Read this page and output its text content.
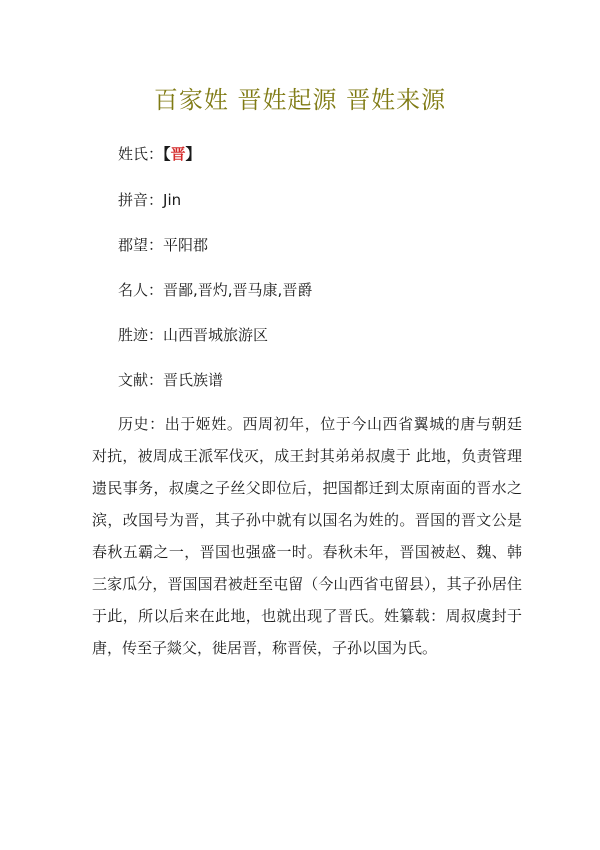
百家姓 晋姓起源 晋姓来源
姓氏：【晋】
拼音：Jin
郡望：平阳郡
名人：晋鄙,晋灼,晋马康,晋爵
胜迹：山西晋城旅游区
文献：晋氏族谱
历史：出于姬姓。西周初年，位于今山西省翼城的唐与朝廷对抗，被周成王派军伐灭，成王封其弟弟叔虞于 此地，负责管理遗民事务，叔虞之子丝父即位后，把国都迁到太原南面的晋水之滨，改国号为晋，其子孙中就有以国名为姓的。晋国的晋文公是春秋五霸之一，晋国也强盛一时。春秋未年，晋国被赵、魏、韩三家瓜分，晋国国君被赶至屯留（今山西省屯留县），其子孙居住于此，所以后来在此地，也就出现了晋氏。姓纂载：周叔虞封于唐，传至子燚父，徙居晋，称晋侯，子孙以国为氏。
